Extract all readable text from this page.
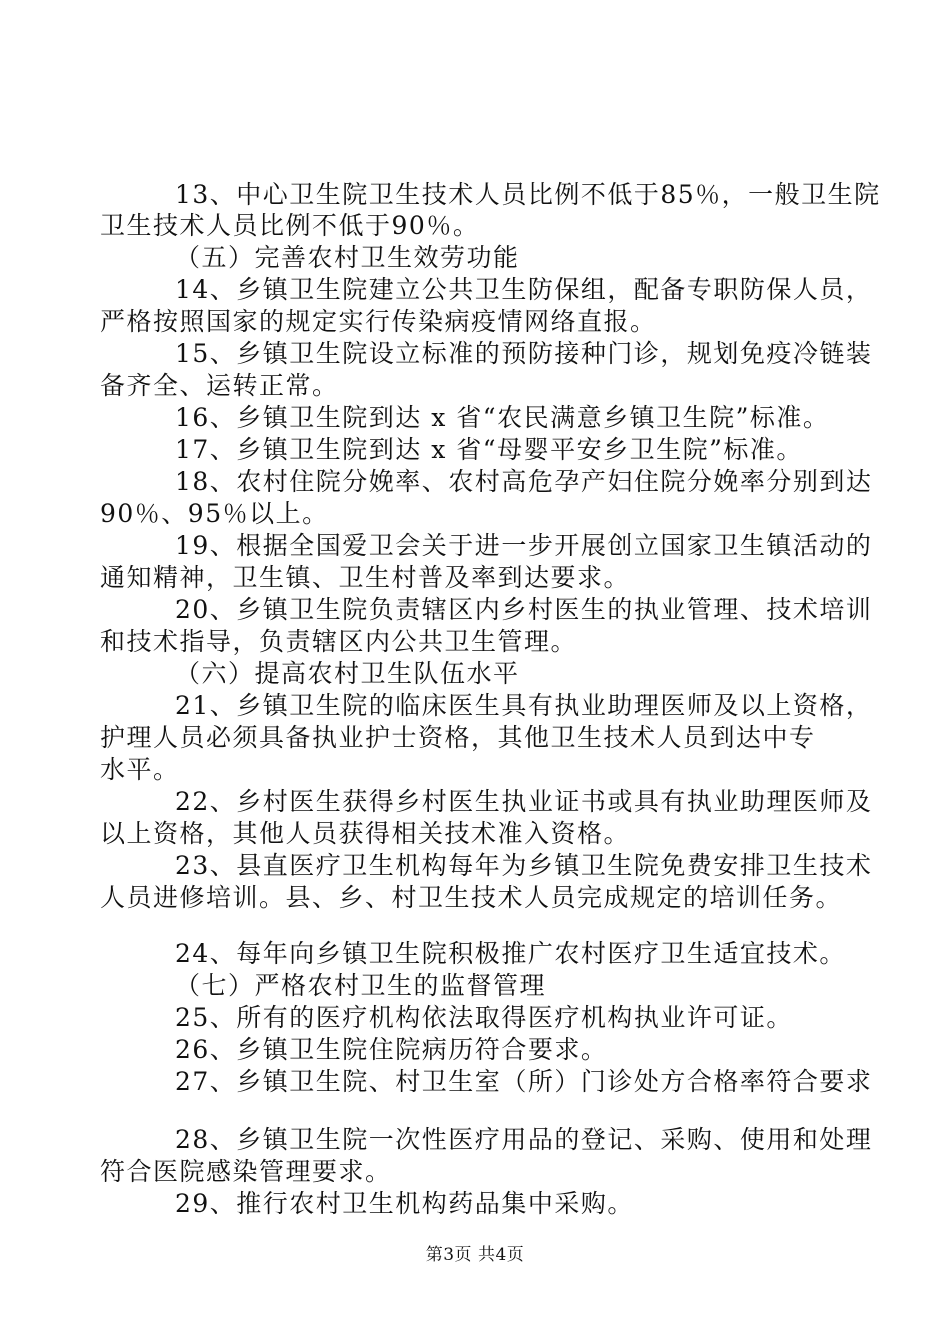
13、中心卫生院卫生技术人员比例不低于85％，一般卫生院
卫生技术人员比例不低于90％。
（五）完善农村卫生效劳功能
14、乡镇卫生院建立公共卫生防保组，配备专职防保人员，
严格按照国家的规定实行传染病疫情网络直报。
15、乡镇卫生院设立标准的预防接种门诊，规划免疫冷链装
备齐全、运转正常。
16、乡镇卫生院到达 x 省“农民满意乡镇卫生院”标准。
17、乡镇卫生院到达 x 省“母婴平安乡卫生院”标准。
18、农村住院分娩率、农村高危孕产妇住院分娩率分别到达
90％、95％以上。
19、根据全国爱卫会关于进一步开展创立国家卫生镇活动的
通知精神，卫生镇、卫生村普及率到达要求。
20、乡镇卫生院负责辖区内乡村医生的执业管理、技术培训
和技术指导，负责辖区内公共卫生管理。
（六）提高农村卫生队伍水平
21、乡镇卫生院的临床医生具有执业助理医师及以上资格，
护理人员必须具备执业护士资格，其他卫生技术人员到达中专
水平。
22、乡村医生获得乡村医生执业证书或具有执业助理医师及
以上资格，其他人员获得相关技术准入资格。
23、县直医疗卫生机构每年为乡镇卫生院免费安排卫生技术
人员进修培训。县、乡、村卫生技术人员完成规定的培训任务。
24、每年向乡镇卫生院积极推广农村医疗卫生适宜技术。
（七）严格农村卫生的监督管理
25、所有的医疗机构依法取得医疗机构执业许可证。
26、乡镇卫生院住院病历符合要求。
27、乡镇卫生院、村卫生室（所）门诊处方合格率符合要求
28、乡镇卫生院一次性医疗用品的登记、采购、使用和处理
符合医院感染管理要求。
29、推行农村卫生机构药品集中采购。
第3页 共4页
